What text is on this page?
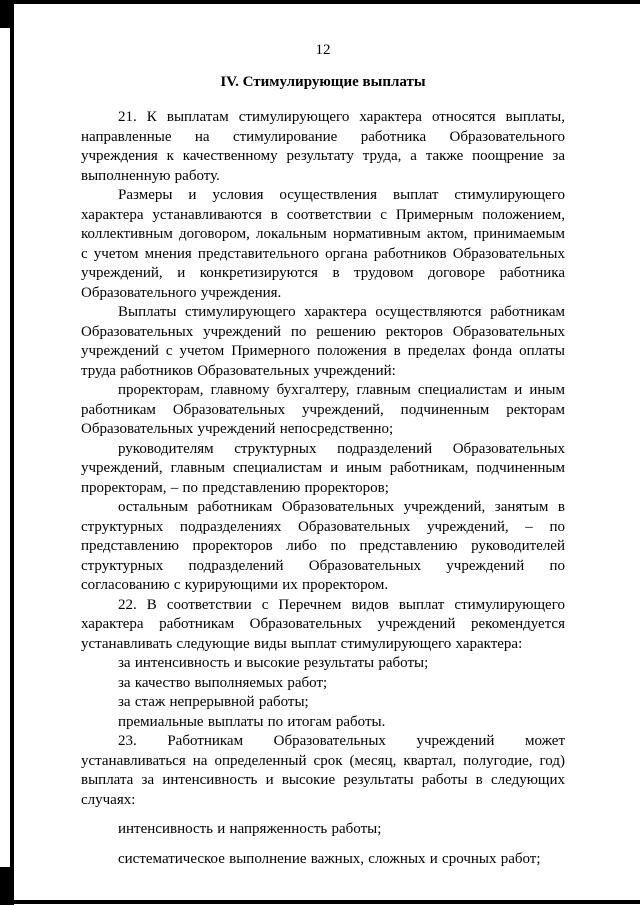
12
IV. Стимулирующие выплаты

21. К выплатам стимулирующего характера относятся выплаты, направленные на стимулирование работника Образовательного учреждения к качественному результату труда, а также поощрение за выполненную работу.

Размеры и условия осуществления выплат стимулирующего характера устанавливаются в соответствии с Примерным положением, коллективным договором, локальным нормативным актом, принимаемым с учетом мнения представительного органа работников Образовательных учреждений, и конкретизируются в трудовом договоре работника Образовательного учреждения.

Выплаты стимулирующего характера осуществляются работникам Образовательных учреждений по решению ректоров Образовательных учреждений с учетом Примерного положения в пределах фонда оплаты труда работников Образовательных учреждений:

проректорам, главному бухгалтеру, главным специалистам и иным работникам Образовательных учреждений, подчиненным ректорам Образовательных учреждений непосредственно;

руководителям структурных подразделений Образовательных учреждений, главным специалистам и иным работникам, подчиненным проректорам, – по представлению проректоров;

остальным работникам Образовательных учреждений, занятым в структурных подразделениях Образовательных учреждений, – по представлению проректоров либо по представлению руководителей структурных подразделений Образовательных учреждений по согласованию с курирующими их проректором.

22. В соответствии с Перечнем видов выплат стимулирующего характера работникам Образовательных учреждений рекомендуется устанавливать следующие виды выплат стимулирующего характера:

за интенсивность и высокие результаты работы;

за качество выполняемых работ;

за стаж непрерывной работы;

премиальные выплаты по итогам работы.

23. Работникам Образовательных учреждений может устанавливаться на определенный срок (месяц, квартал, полугодие, год) выплата за интенсивность и высокие результаты работы в следующих случаях:

интенсивность и напряженность работы;

систематическое выполнение важных, сложных и срочных работ;
